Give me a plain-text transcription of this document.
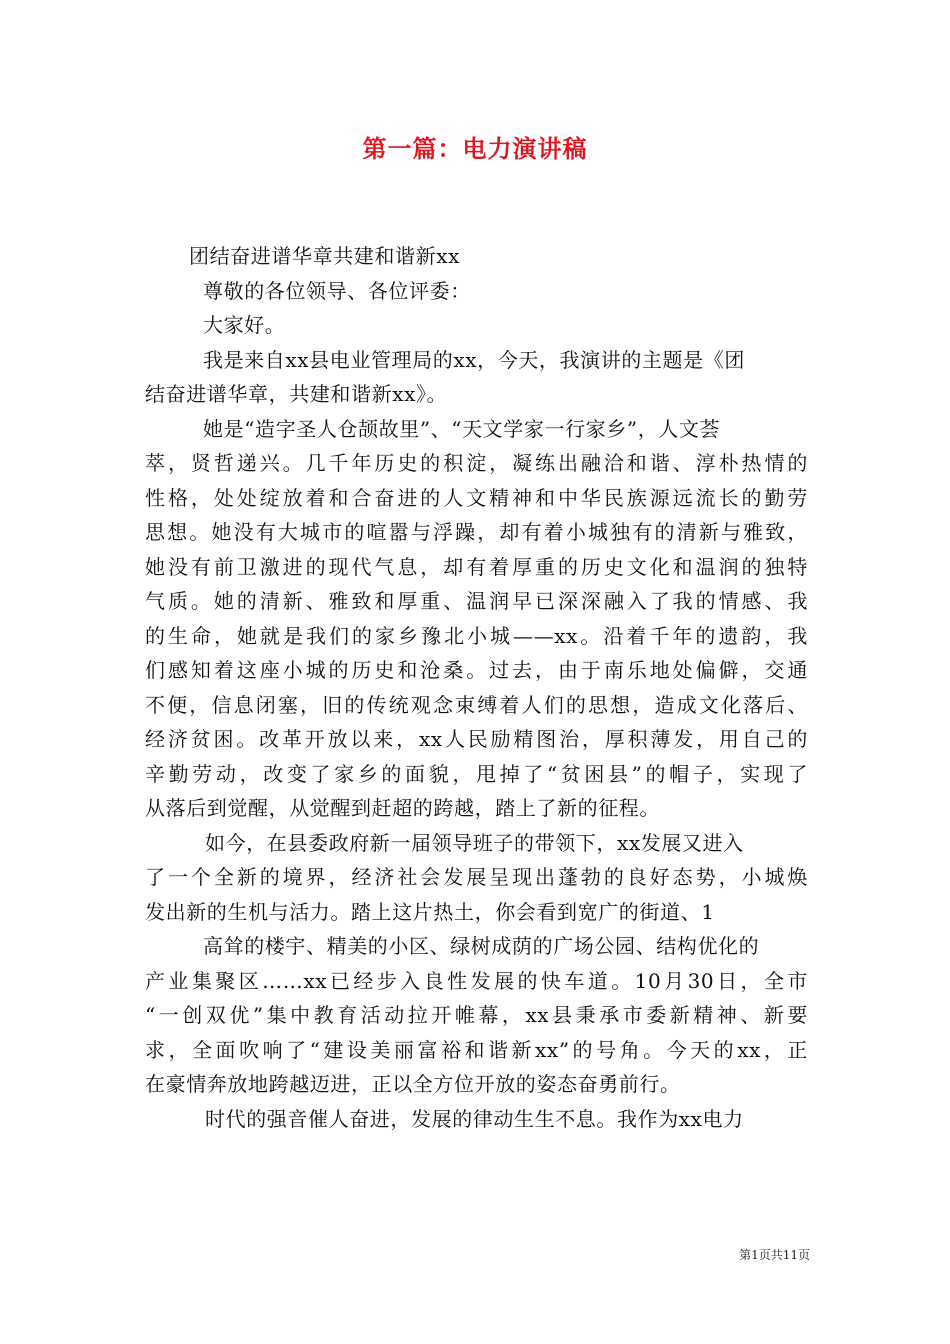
第一篇：电力演讲稿
团结奋进谱华章共建和谐新xx
尊敬的各位领导、各位评委：
大家好。
我是来自xx县电业管理局的xx，今天，我演讲的主题是《团
结奋进谱华章，共建和谐新xx》。
她是“造字圣人仓颉故里”、“天文学家一行家乡”，人文荟
萃，贤哲递兴。几千年历史的积淀，凝练出融洽和谐、淳朴热情的
性格，处处绽放着和合奋进的人文精神和中华民族源远流长的勤劳
思想。她没有大城市的喧嚣与浮躁，却有着小城独有的清新与雅致，
她没有前卫激进的现代气息，却有着厚重的历史文化和温润的独特
气质。她的清新、雅致和厚重、温润早已深深融入了我的情感、我
的生命，她就是我们的家乡豫北小城——xx。沿着千年的遗韵，我
们感知着这座小城的历史和沧桑。过去，由于南乐地处偏僻，交通
不便，信息闭塞，旧的传统观念束缚着人们的思想，造成文化落后、
经济贫困。改革开放以来，xx人民励精图治，厚积薄发，用自己的
辛勤劳动，改变了家乡的面貌，甩掉了“贫困县”的帽子，实现了
从落后到觉醒，从觉醒到赶超的跨越，踏上了新的征程。
如今，在县委政府新一届领导班子的带领下，xx发展又进入
了一个全新的境界，经济社会发展呈现出蓬勃的良好态势，小城焕
发出新的生机与活力。踏上这片热土，你会看到宽广的街道、1
高耸的楼宇、精美的小区、绿树成荫的广场公园、结构优化的
产业集聚区……xx已经步入良性发展的快车道。10月30日，全市
“一创双优”集中教育活动拉开帷幕，xx县秉承市委新精神、新要
求，全面吹响了“建设美丽富裕和谐新xx”的号角。今天的xx，正
在豪情奔放地跨越迈进，正以全方位开放的姿态奋勇前行。
时代的强音催人奋进，发展的律动生生不息。我作为xx电力
第1页共11页
